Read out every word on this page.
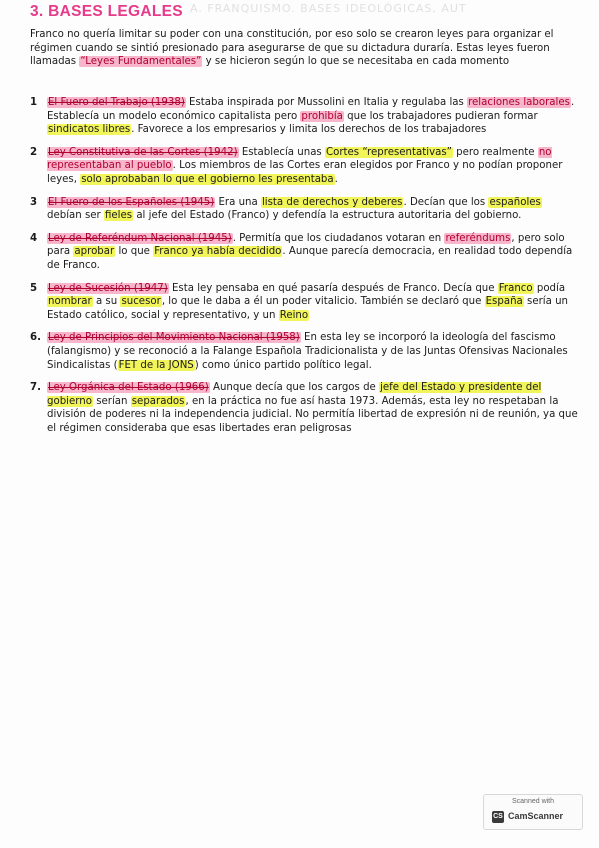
A. FRANQUISMO. BASES IDEOLÓGICAS, AUT
3. BASES LEGALES
Franco no quería limitar su poder con una constitución, por eso solo se crearon leyes para organizar el régimen cuando se sintió presionado para asegurarse de que su dictadura duraría. Estas leyes fueron llamadas “Leyes Fundamentales” y se hicieron según lo que se necesitaba en cada momento
1	El Fuero del Trabajo (1938) Estaba inspirada por Mussolini en Italia y regulaba las relaciones laborales. Establecía un modelo económico capitalista pero prohibía que los trabajadores pudieran formar sindicatos libres. Favorece a los empresarios y limita los derechos de los trabajadores
2	Ley Constitutiva de las Cortes (1942) Establecía unas Cortes “representativas” pero realmente no representaban al pueblo. Los miembros de las Cortes eran elegidos por Franco y no podían proponer leyes, solo aprobaban lo que el gobierno les presentaba.
3	El Fuero de los Españoles (1945) Era una lista de derechos y deberes. Decían que los españoles debían ser fieles al jefe del Estado (Franco) y defendía la estructura autoritaria del gobierno.
4	Ley de Referéndum Nacional (1945). Permitía que los ciudadanos votaran en referéndums, pero solo para aprobar lo que Franco ya había decidido. Aunque parecía democracia, en realidad todo dependía de Franco.
5	Ley de Sucesión (1947) Esta ley pensaba en qué pasaría después de Franco. Decía que Franco podía nombrar a su sucesor, lo que le daba a él un poder vitalicio. También se declaró que España sería un Estado católico, social y representativo, y un Reino
6. Ley de Principios del Movimiento Nacional (1958) En esta ley se incorporó la ideología del fascismo (falangismo) y se reconoció a la Falange Española Tradicionalista y de las Juntas Ofensivas Nacionales Sindicalistas (FET de la JONS) como único partido político legal.
7. Ley Orgánica del Estado (1966) Aunque decía que los cargos de jefe del Estado y presidente del gobierno serían separados, en la práctica no fue así hasta 1973. Además, esta ley no respetaban la división de poderes ni la independencia judicial. No permitía libertad de expresión ni de reunión, ya que el régimen consideraba que esas libertades eran peligrosas
Scanned with
CS CamScanner
